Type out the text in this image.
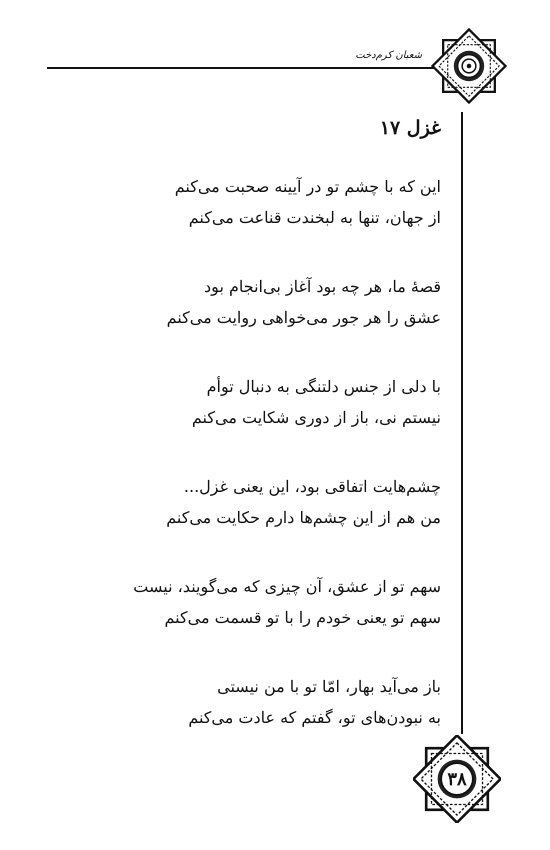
شعبان کرم‌دخت
غزل ۱۷
این که با چشم تو در آیینه صحبت می‌کنم
از جهان، تنها به لبخندت قناعت می‌کنم
قصهٔ ما، هر چه بود آغاز بی‌انجام بود
عشق را هر جور می‌خواهی روایت می‌کنم
با دلی از جنس دلتنگی به دنبال توأم
نیستم نی، باز از دوری شکایت می‌کنم
چشم‌هایت اتفاقی بود، این یعنی غزل...
من هم از این چشم‌ها دارم حکایت می‌کنم
سهم تو از عشق، آن چیزی که می‌گویند، نیست
سهم تو یعنی خودم را با تو قسمت می‌کنم
باز می‌آید بهار، امّا تو با من نیستی
به نبودن‌های تو، گفتم که عادت می‌کنم
۳۸
